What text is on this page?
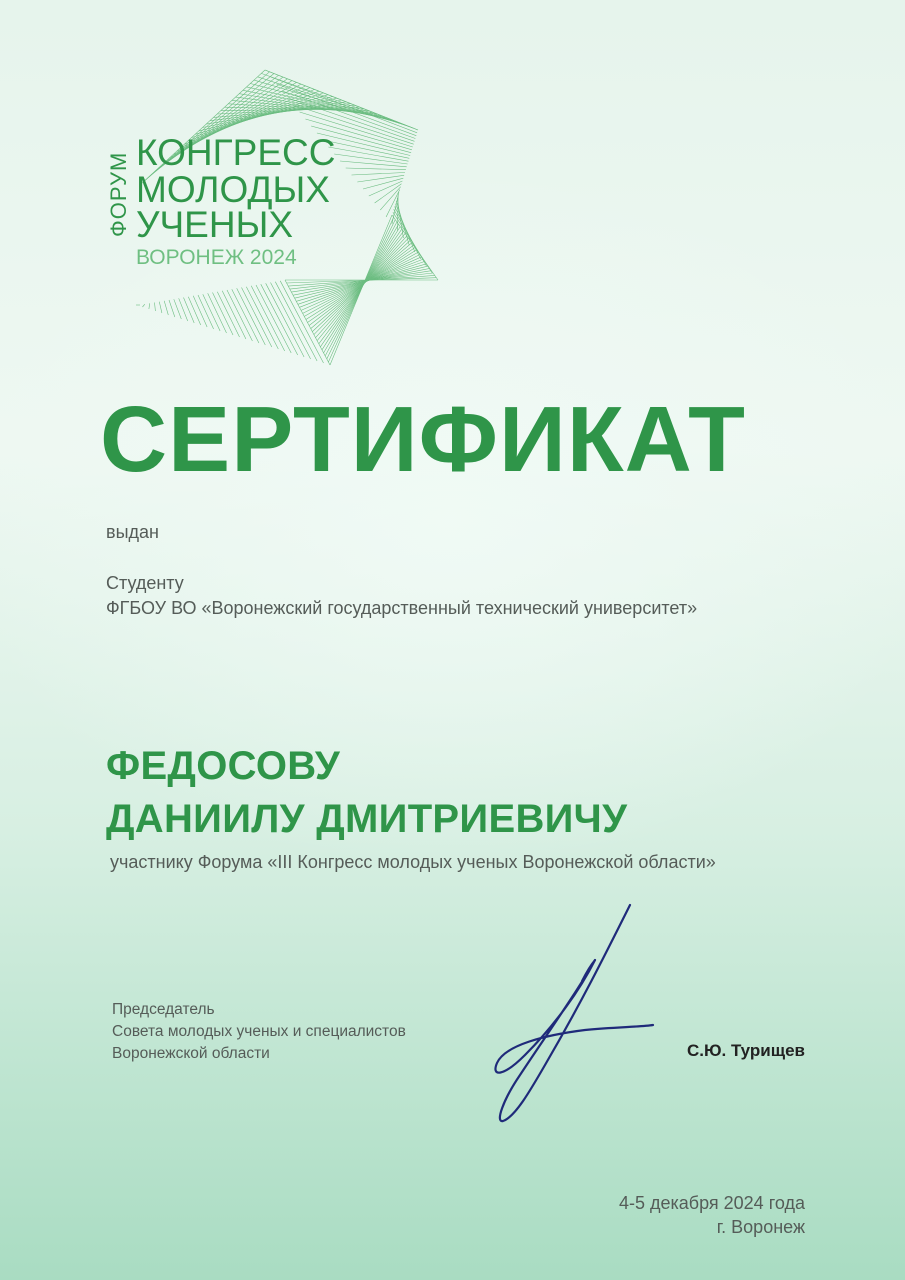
ФОРУМ КОНГРЕСС
МОЛОДЫХ
УЧЕНЫХ
ВОРОНЕЖ 2024
СЕРТИФИКАТ
выдан
Студенту
ФГБОУ ВО «Воронежский государственный технический университет»
ФЕДОСОВУ
ДАНИИЛУ ДМИТРИЕВИЧУ
участнику Форума «III Конгресс молодых ученых Воронежской области»
Председатель
Совета молодых ученых и специалистов
Воронежской области	С.Ю. Турищев
4-5 декабря 2024 года
г. Воронеж
